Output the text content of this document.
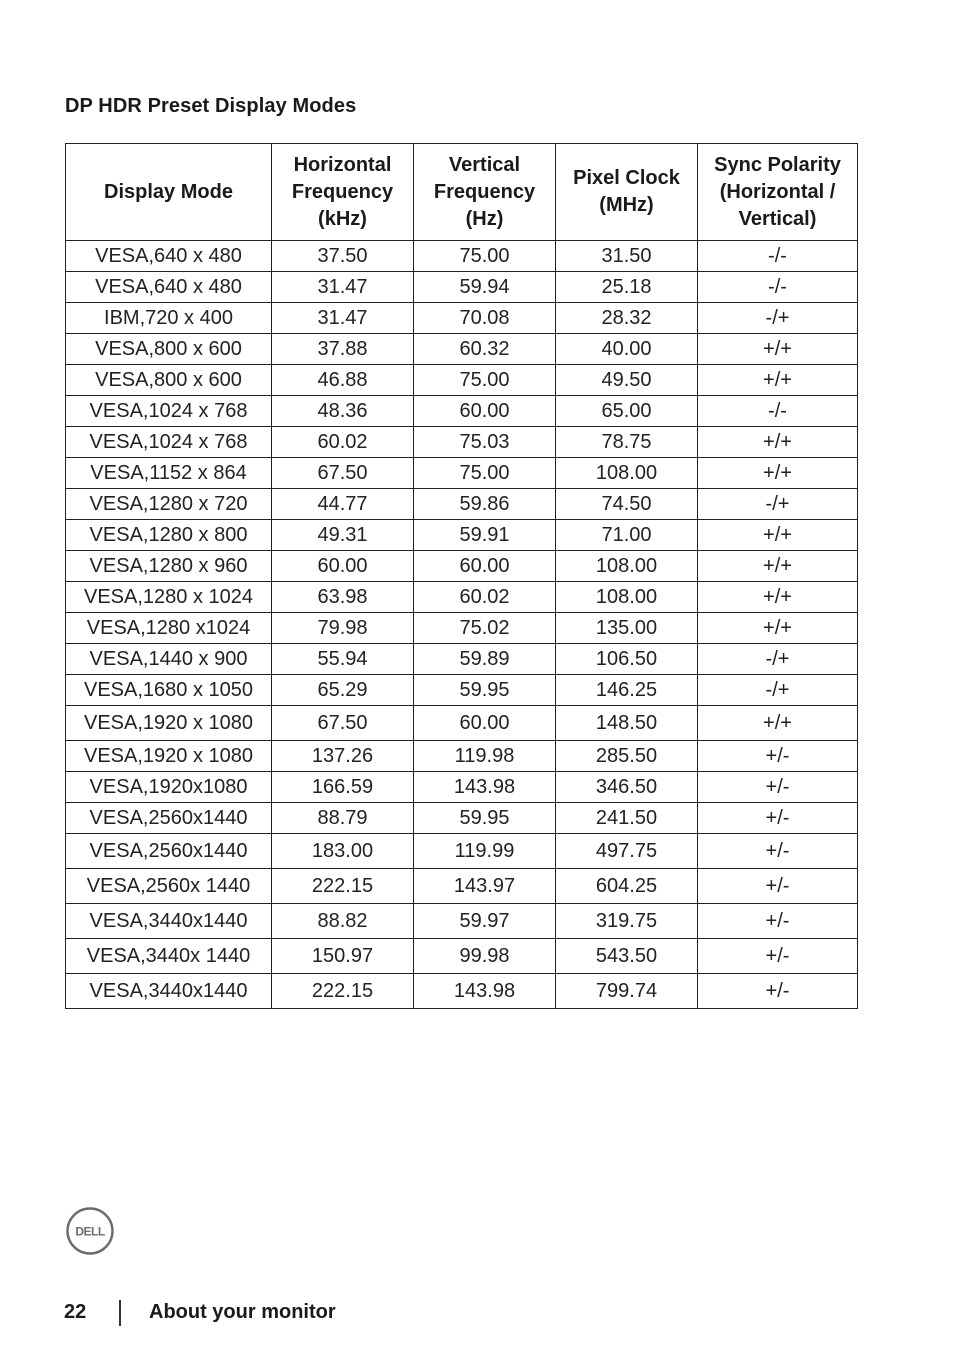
DP HDR Preset Display Modes
Display Mode	Horizontal
Frequency
(kHz)	Vertical
Frequency
(Hz)	Pixel Clock
(MHz)	Sync Polarity
(Horizontal /
Vertical)
VESA,640 x 480	37.50	75.00	31.50	-/-
VESA,640 x 480	31.47	59.94	25.18	-/-
IBM,720 x 400	31.47	70.08	28.32	-/+
VESA,800 x 600	37.88	60.32	40.00	+/+
VESA,800 x 600	46.88	75.00	49.50	+/+
VESA,1024 x 768	48.36	60.00	65.00	-/-
VESA,1024 x 768	60.02	75.03	78.75	+/+
VESA,1152 x 864	67.50	75.00	108.00	+/+
VESA,1280 x 720	44.77	59.86	74.50	-/+
VESA,1280 x 800	49.31	59.91	71.00	+/+
VESA,1280 x 960	60.00	60.00	108.00	+/+
VESA,1280 x 1024	63.98	60.02	108.00	+/+
VESA,1280 x1024	79.98	75.02	135.00	+/+
VESA,1440 x 900	55.94	59.89	106.50	-/+
VESA,1680 x 1050	65.29	59.95	146.25	-/+
VESA,1920 x 1080	67.50	60.00	148.50	+/+
VESA,1920 x 1080	137.26	119.98	285.50	+/-
VESA,1920x1080	166.59	143.98	346.50	+/-
VESA,2560x1440	88.79	59.95	241.50	+/-
VESA,2560x1440	183.00	119.99	497.75	+/-
VESA,2560x 1440	222.15	143.97	604.25	+/-
VESA,3440x1440	88.82	59.97	319.75	+/-
VESA,3440x 1440	150.97	99.98	543.50	+/-
VESA,3440x1440	222.15	143.98	799.74	+/-
DELL
22	About your monitor
